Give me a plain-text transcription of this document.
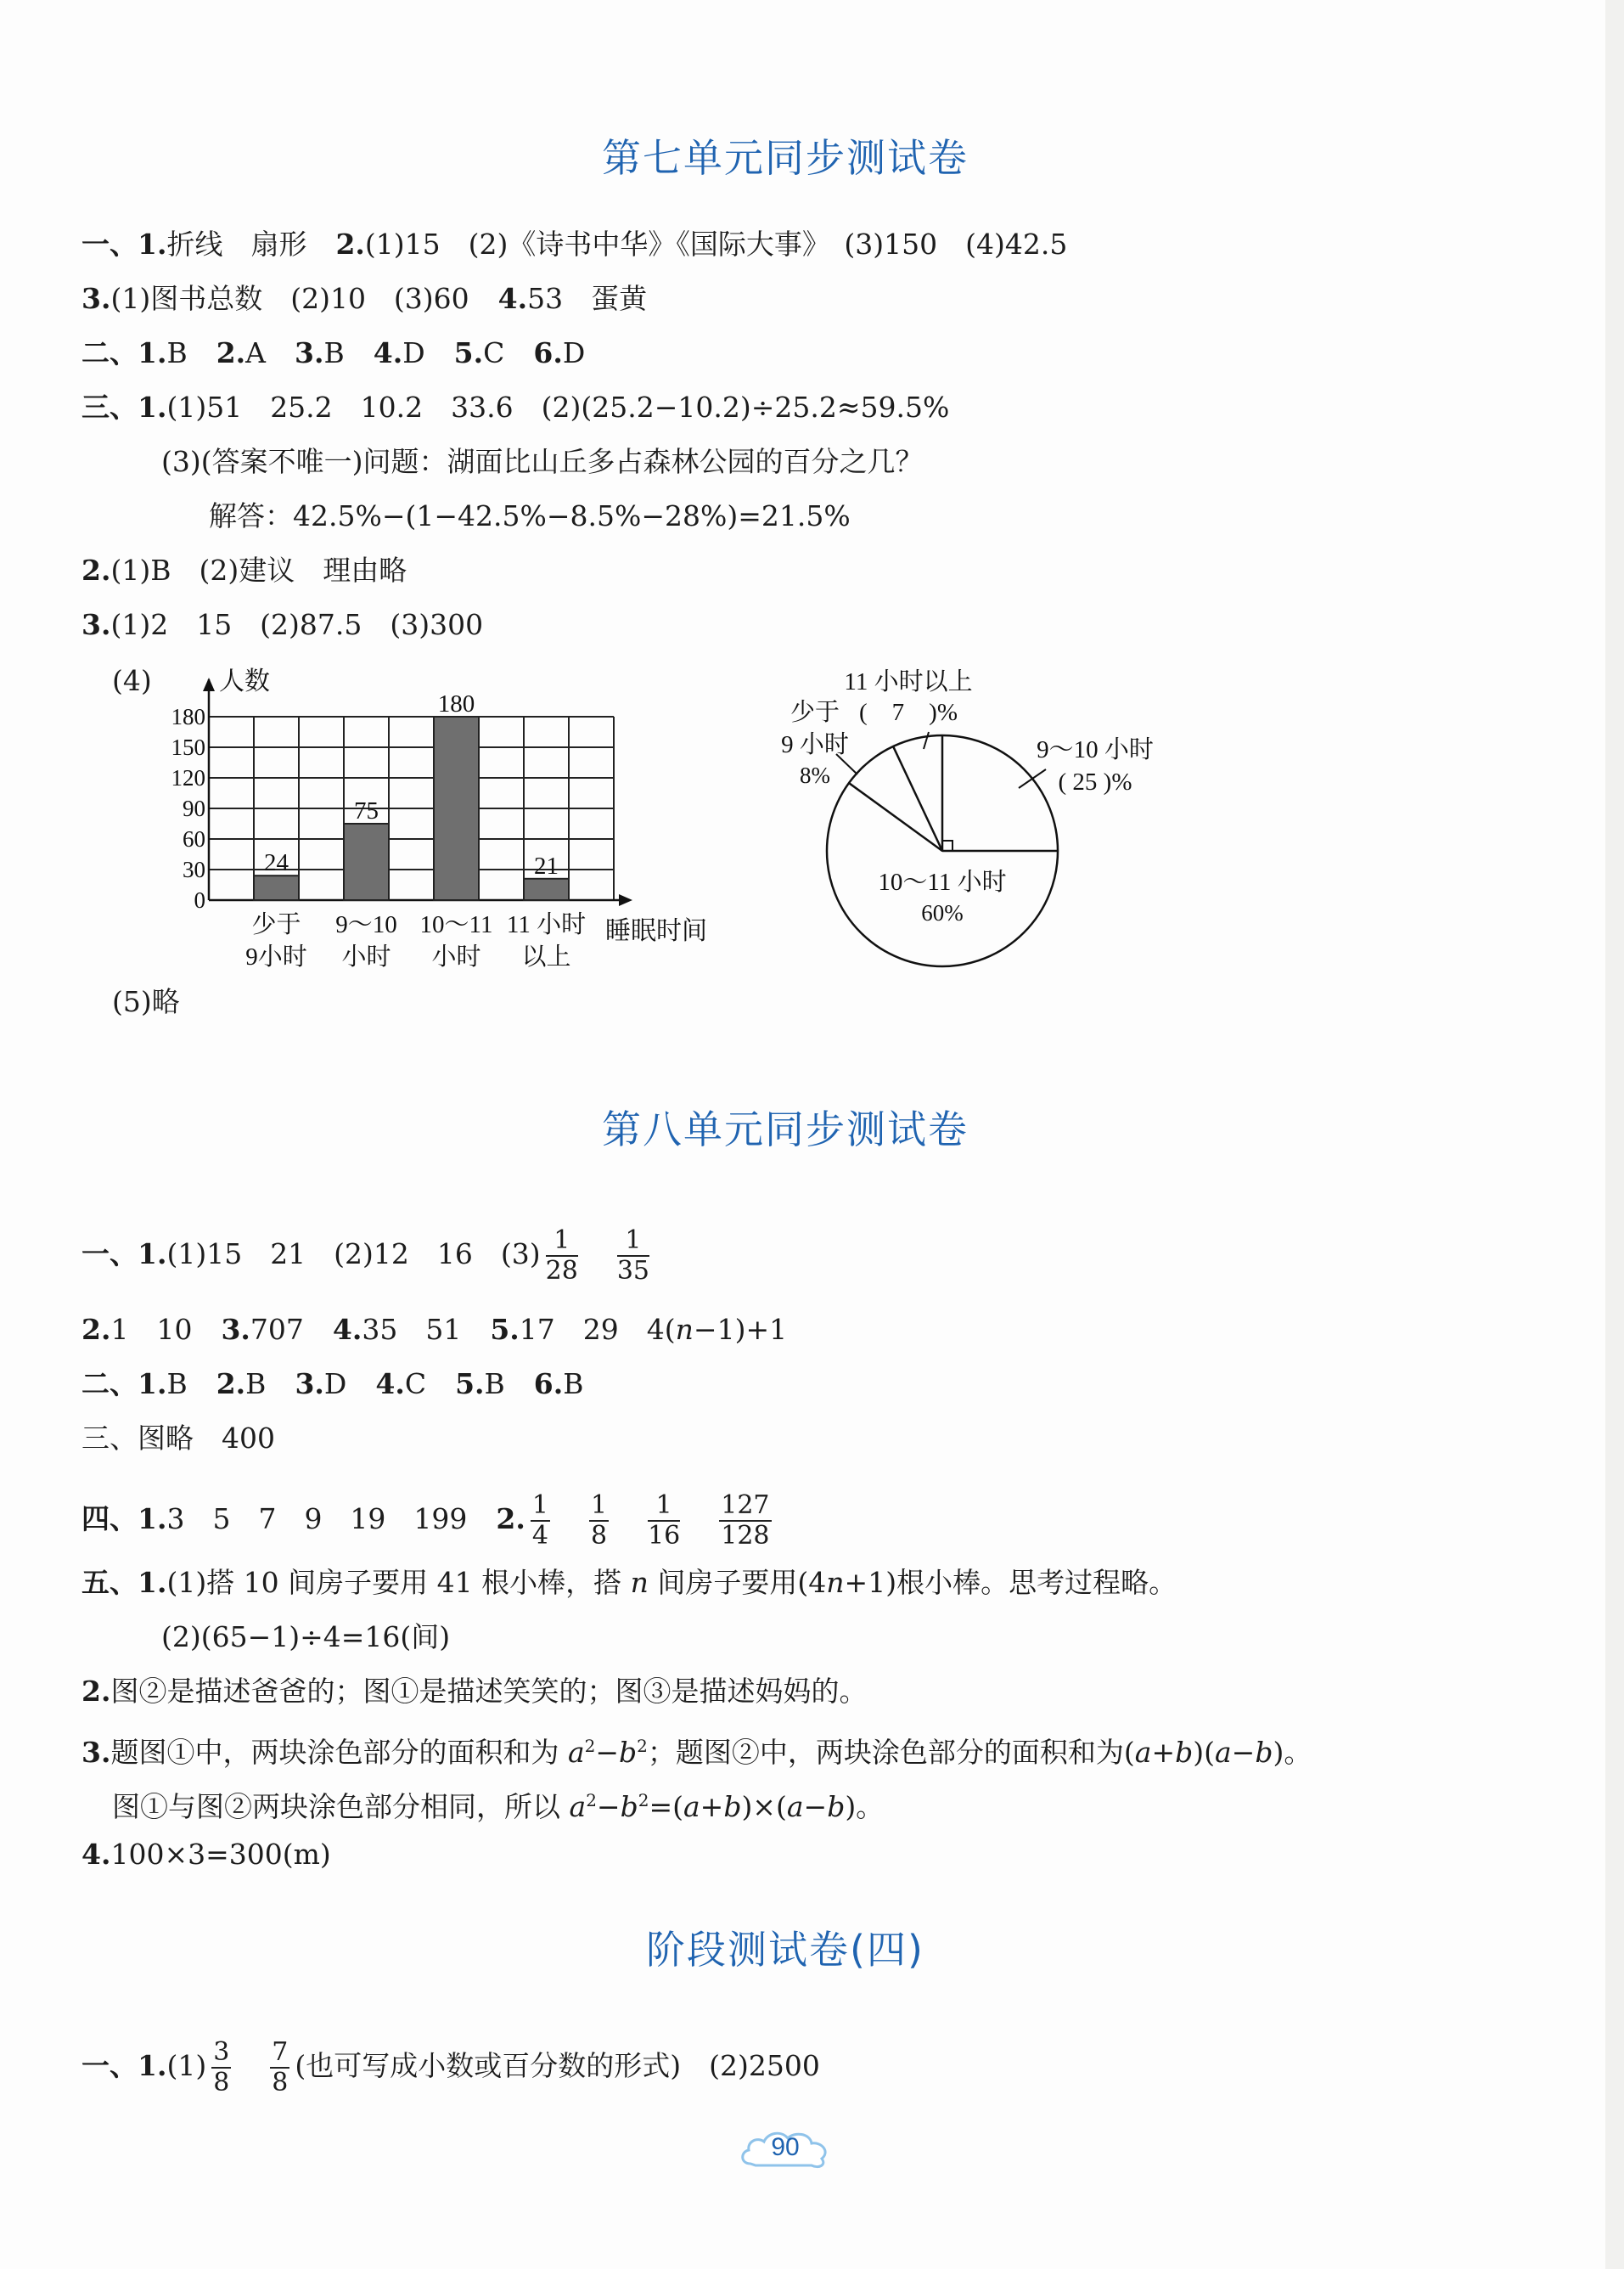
第七单元同步测试卷
一、1.折线　扇形 2.(1)15　(2)《诗书中华》《国际大事》　(3)150　(4)42.5
3.(1)图书总数　(2)10　(3)60 4.53　蛋黄
二、1.B 2.A 3.B 4.D 5.C 6.D
三、1.(1)51　25.2　10.2　33.6　(2)(25.2−10.2)÷25.2≈59.5%
(3)(答案不唯一)问题：湖面比山丘多占森林公园的百分之几？
解答：42.5%−(1−42.5%−8.5%−28%)=21.5%
2.(1)B　(2)建议　理由略
3.(1)2　15　(2)87.5　(3)300
(4)
0
30
60
90
120
150
180
人数
睡眠时间
24
少于
9小时
75
9～10
小时
180
10～11
小时
21
11 小时
以上
11 小时以上
(　7　)%
少于
9 小时
8%
9～10 小时
( 25 )%
10～11 小时
60%
(5)略
第八单元同步测试卷
一、1.(1)15　21　(2)12　16　$(3) \frac{1}{28} \frac{1}{35}$
2.1　10 3.707 4.35　51 5.17　29　4(n−1)+1
二、1.B 2.B 3.D 4.C 5.B 6.B
三、图略　400
四、1.3　5　7　9　19　199 2. $\frac{1}{4} \frac{1}{8} \frac{1}{16} \frac{127}{128}$
五、1.(1)搭 10 间房子要用 41 根小棒，搭 n 间房子要用(4n+1)根小棒。思考过程略。
(2)(65−1)÷4=16(间)
2.图②是描述爸爸的；图①是描述笑笑的；图③是描述妈妈的。
3.题图①中，两块涂色部分的面积和为 $a^2-b^2$；题图②中，两块涂色部分的面积和为(a+b)(a−b)。
图①与图②两块涂色部分相同，所以 $a^2-b^2=(a+b)\times(a-b)$。
4.100×3=300(m)
阶段测试卷(四)
一、$1.(1) \frac{3}{8} \frac{7}{8}$ (也可写成小数或百分数的形式)　(2)2500
90
